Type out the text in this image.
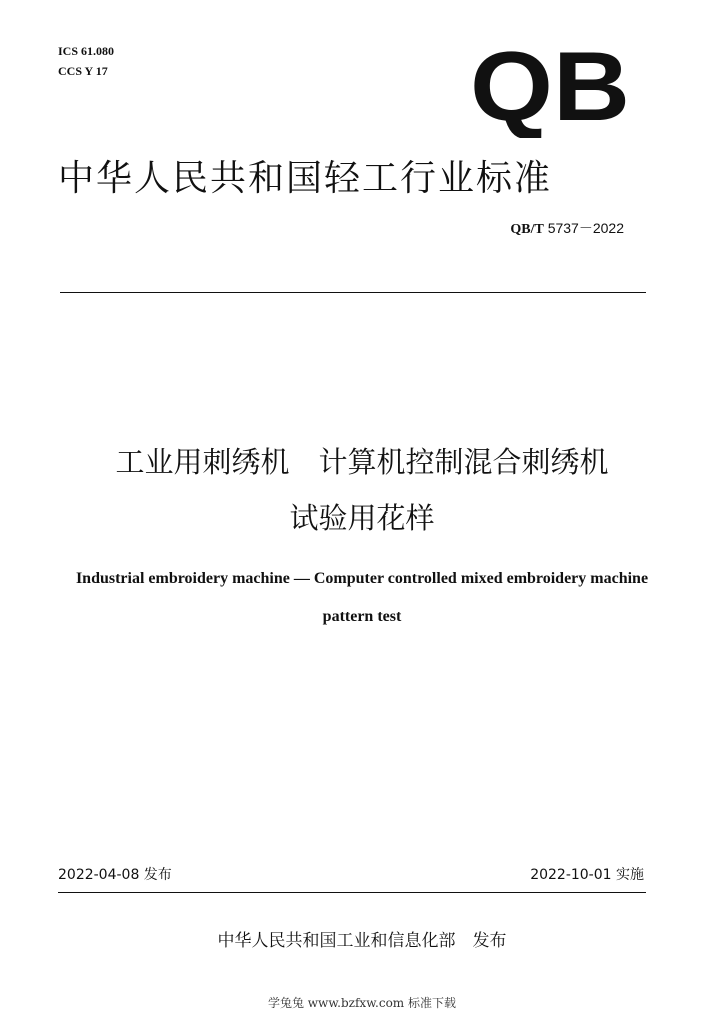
ICS 61.080
CCS Y 17	QB
中华人民共和国轻工行业标准
QB/T 5737－2022
工业用刺绣机　计算机控制混合刺绣机
试验用花样
Industrial embroidery machine — Computer controlled mixed embroidery machine
pattern test
2022-04-08 发布	2022-10-01 实施
中华人民共和国工业和信息化部　发布
学兔兔 www.bzfxw.com 标准下载
